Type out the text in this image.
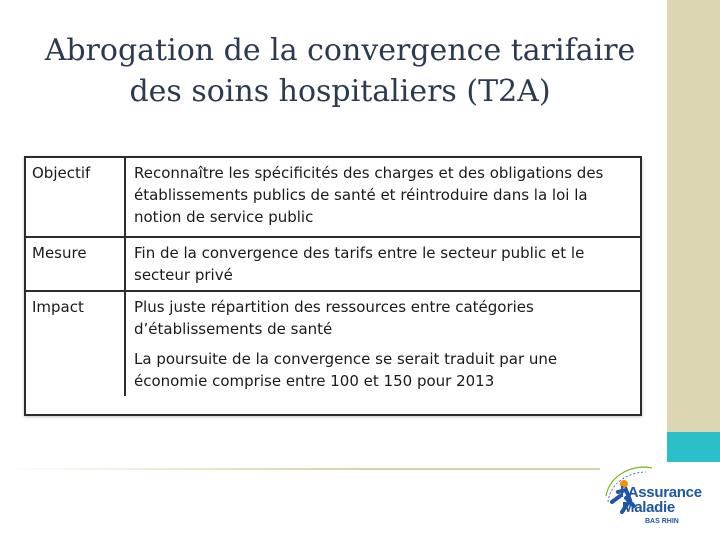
Abrogation de la convergence tarifaire des soins hospitaliers (T2A)
Objectif	Reconnaître les spécificités des charges et des obligations des établissements publics de santé et réintroduire dans la loi la notion de service public

Mesure	Fin de la convergence des tarifs entre le secteur public et le secteur privé

Impact	Plus juste répartition des ressources entre catégories d’établissements de santé

La poursuite de la convergence se serait traduit par une économie comprise entre 100 et 150 pour 2013

l’Assurance
Maladie
BAS RHIN
